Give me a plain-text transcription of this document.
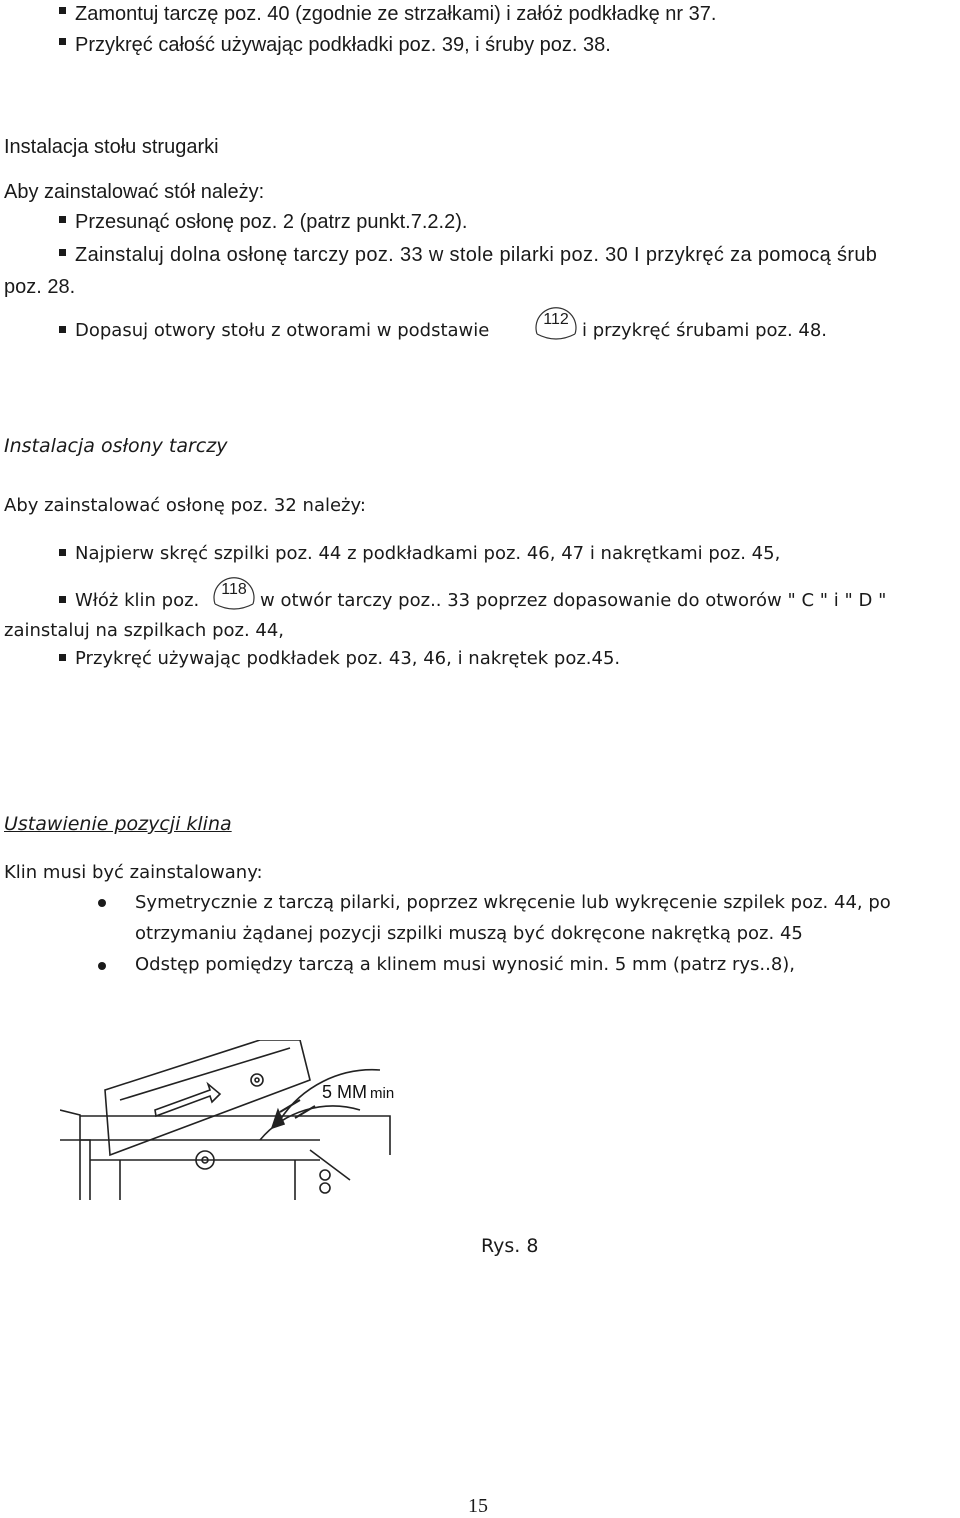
Zamontuj tarczę poz. 40 (zgodnie ze strzałkami) i załóż podkładkę nr 37.
Przykręć całość używając podkładki poz. 39, i śruby poz. 38.
Instalacja stołu strugarki
Aby zainstalować stół należy:
Przesunąć osłonę poz. 2 (patrz punkt.7.2.2).
Zainstaluj dolna osłonę tarczy poz. 33 w stole pilarki poz. 30 I przykręć za pomocą śrub
poz. 28.
Dopasuj otwory stołu z otworami w podstawie
112
i przykręć śrubami poz. 48.
Instalacja osłony tarczy
Aby zainstalować osłonę poz. 32 należy:
Najpierw skręć szpilki poz. 44 z podkładkami poz. 46, 47 i nakrętkami poz. 45,
Włóż klin poz.
118
w otwór tarczy poz.. 33 poprzez dopasowanie do otworów " C " i " D "
zainstaluj na szpilkach poz. 44,
Przykręć używając podkładek poz. 43, 46, i nakrętek poz.45.
Ustawienie pozycji klina
Klin musi być zainstalowany:
Symetrycznie z tarczą pilarki, poprzez wkręcenie lub wykręcenie szpilek poz. 44, po
otrzymaniu żądanej pozycji szpilki muszą być dokręcone nakrętką poz. 45
Odstęp pomiędzy tarczą a klinem musi wynosić min. 5 mm (patrz rys..8),
5 MM min
Rys. 8
15
